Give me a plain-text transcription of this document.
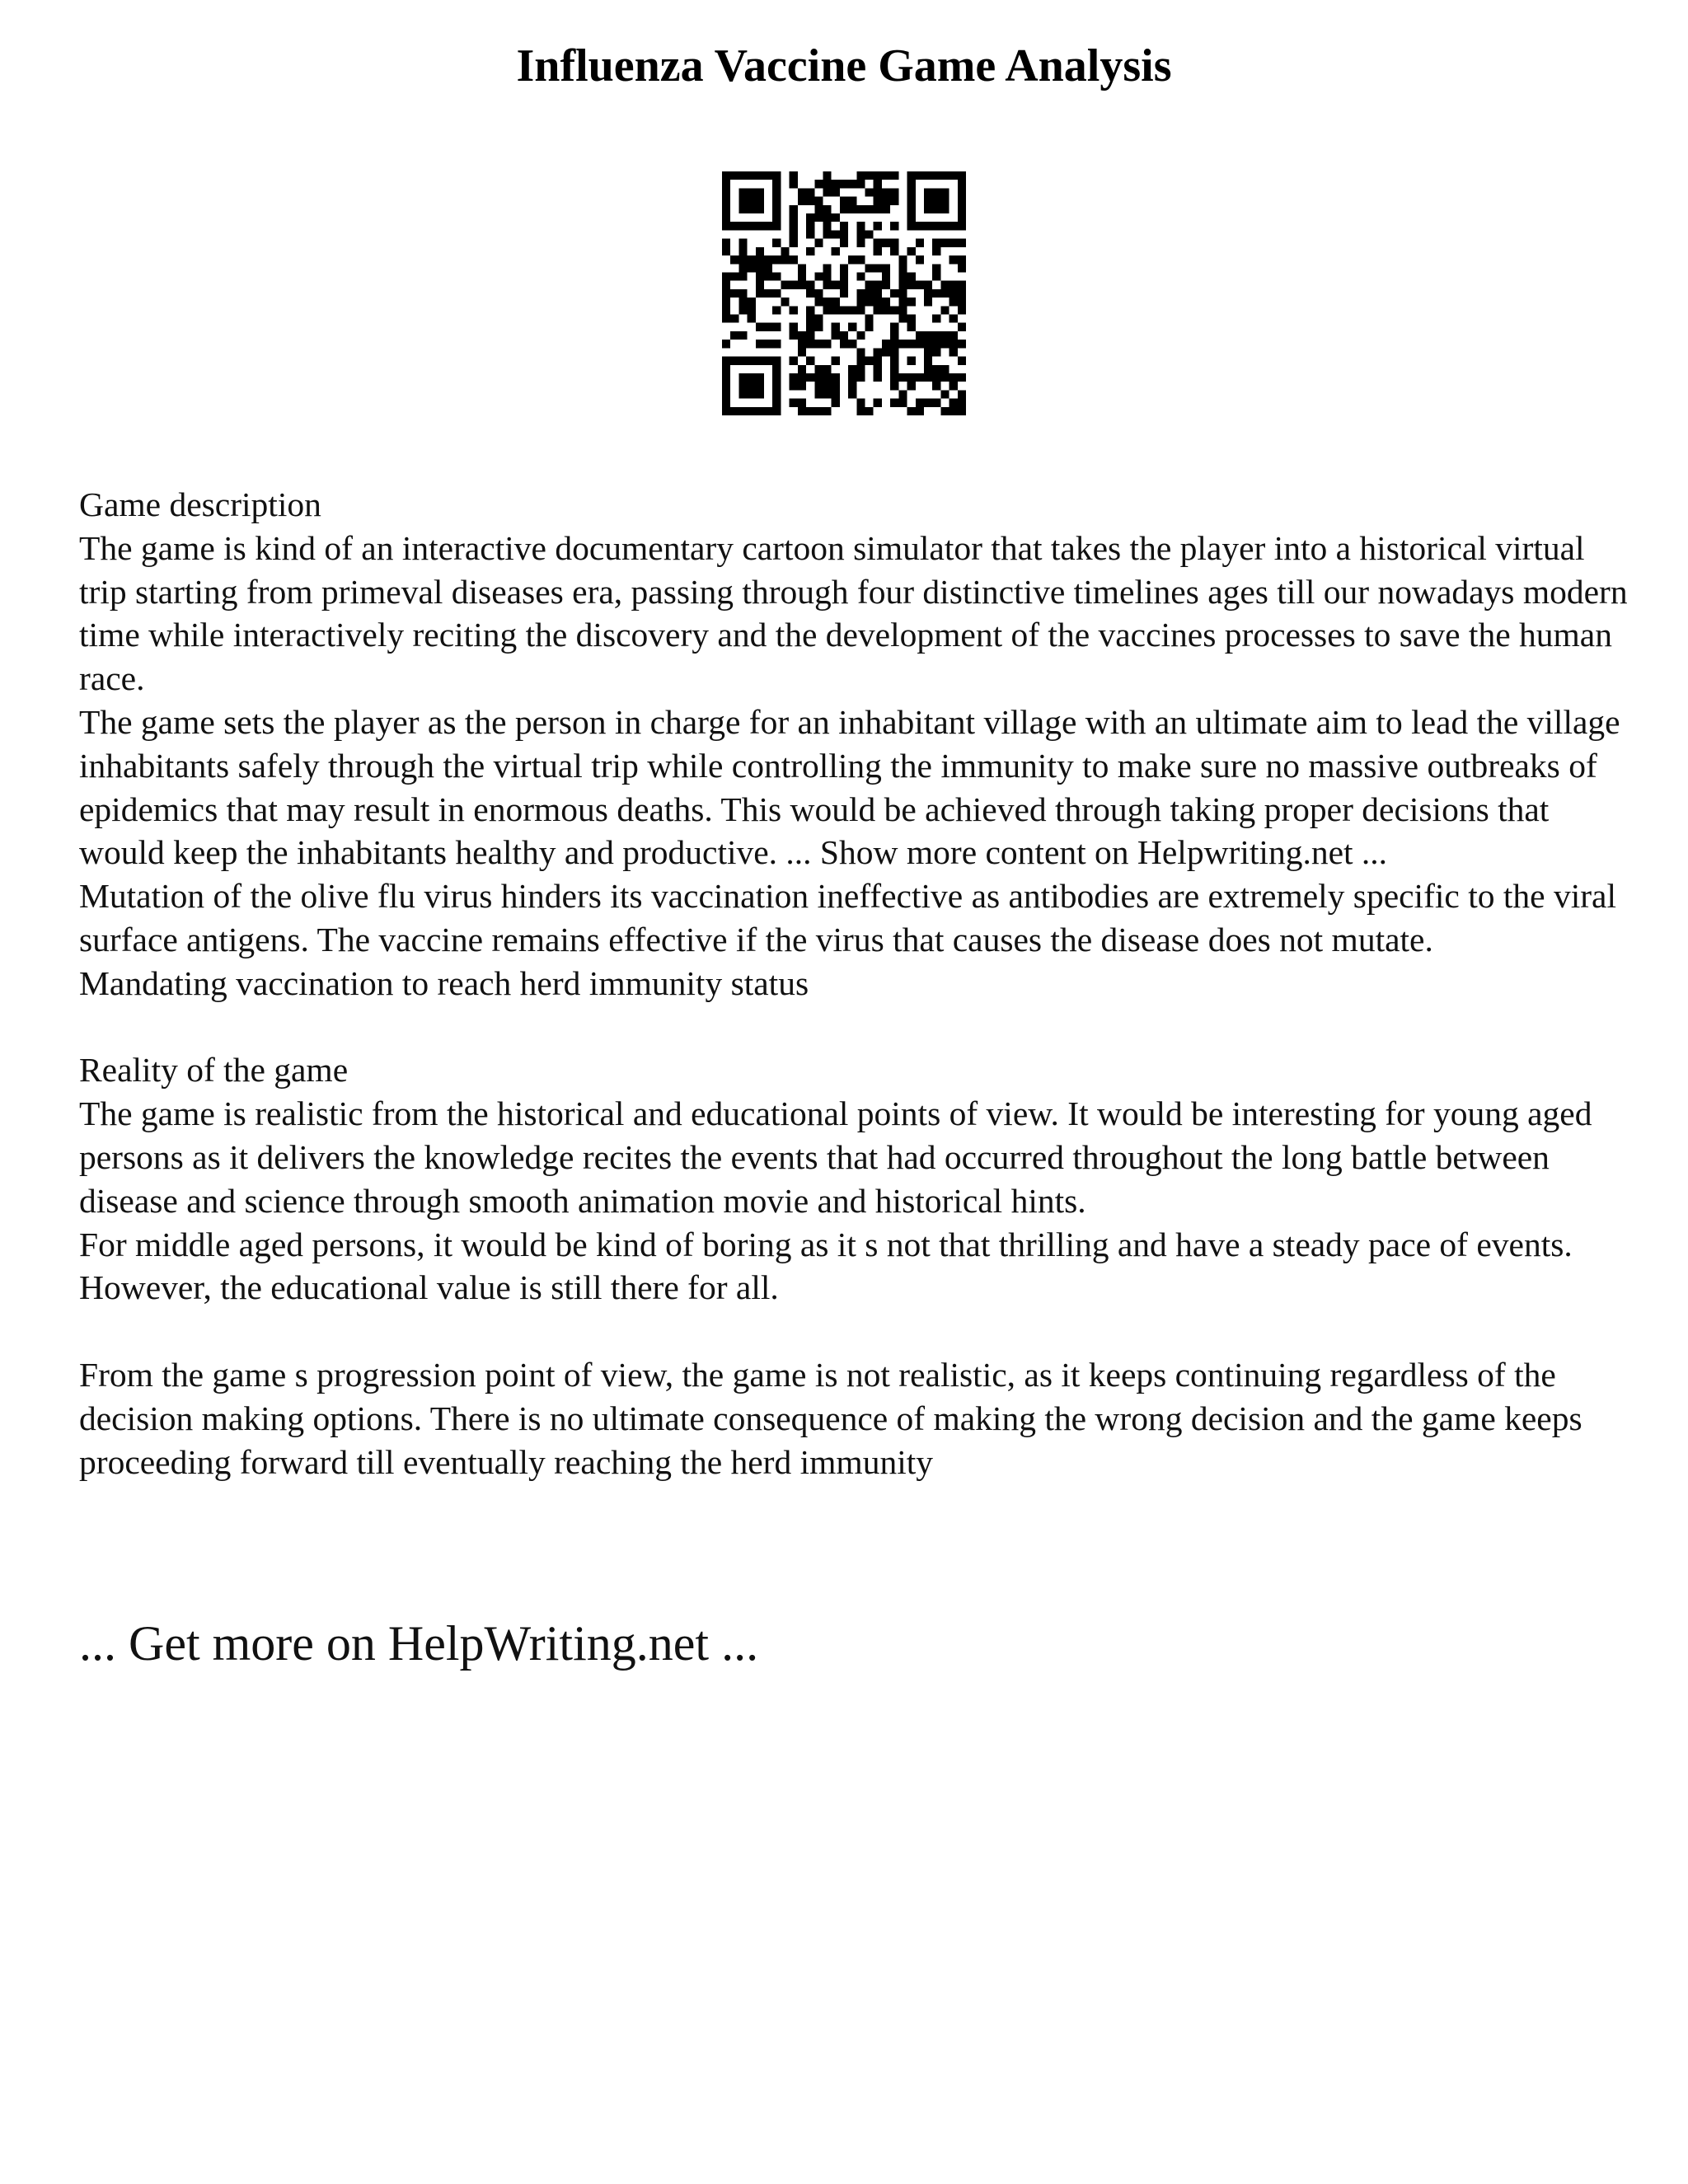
Influenza Vaccine Game Analysis

Game description

The game is kind of an interactive documentary cartoon simulator that takes the player into a historical virtual trip starting from primeval diseases era, passing through four distinctive timelines ages till our nowadays modern time while interactively reciting the discovery and the development of the vaccines processes to save the human race.

The game sets the player as the person in charge for an inhabitant village with an ultimate aim to lead the village inhabitants safely through the virtual trip while controlling the immunity to make sure no massive outbreaks of epidemics that may result in enormous deaths. This would be achieved through taking proper decisions that would keep the inhabitants healthy and productive. ... Show more content on Helpwriting.net ...

Mutation of the olive flu virus hinders its vaccination ineffective as antibodies are extremely specific to the viral surface antigens. The vaccine remains effective if the virus that causes the disease does not mutate.

Mandating vaccination to reach herd immunity status

Reality of the game

The game is realistic from the historical and educational points of view. It would be interesting for young aged persons as it delivers the knowledge recites the events that had occurred throughout the long battle between disease and science through smooth animation movie and historical hints.

For middle aged persons, it would be kind of boring as it s not that thrilling and have a steady pace of events. However, the educational value is still there for all.

From the game s progression point of view, the game is not realistic, as it keeps continuing regardless of the decision making options. There is no ultimate consequence of making the wrong decision and the game keeps proceeding forward till eventually reaching the herd immunity

... Get more on HelpWriting.net ...
